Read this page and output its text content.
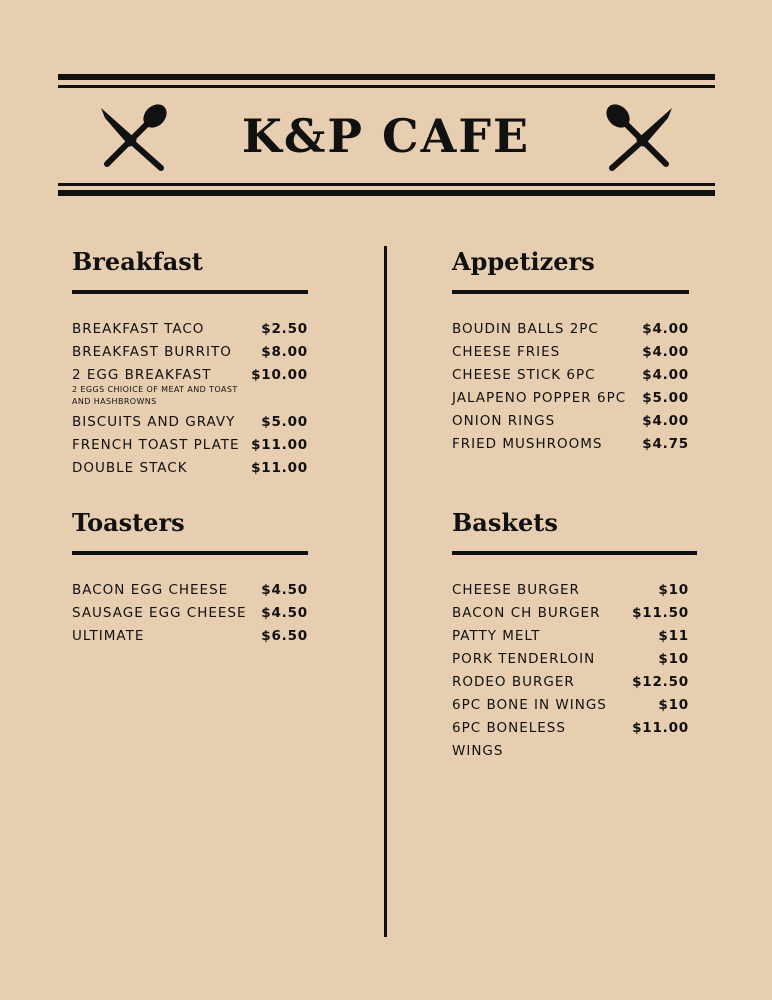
K&P CAFE
Breakfast
BREAKFAST TACO	$2.50
BREAKFAST BURRITO $8.00
2 EGG BREAKFAST	$10.00
2 EGGS CHIOICE OF MEAT AND TOAST AND HASHBROWNS
BISCUITS AND GRAVY $5.00
FRENCH TOAST PLATE $11.00
DOUBLE STACK	$11.00
Toasters
BACON EGG CHEESE $4.50
SAUSAGE EGG CHEESE $4.50
ULTIMATE	$6.50
Appetizers
BOUDIN BALLS 2PC	$4.00
CHEESE FRIES	$4.00
CHEESE STICK 6PC	$4.00
JALAPENO POPPER 6PC $5.00
ONION RINGS	$4.00
FRIED MUSHROOMS	$4.75
Baskets
CHEESE BURGER	$10
BACON CH BURGER $11.50
PATTY MELT	$11
PORK TENDERLOIN	$10
RODEO BURGER	$12.50
6PC BONE IN WINGS	$10
6PC BONELESS	$11.00
WINGS
